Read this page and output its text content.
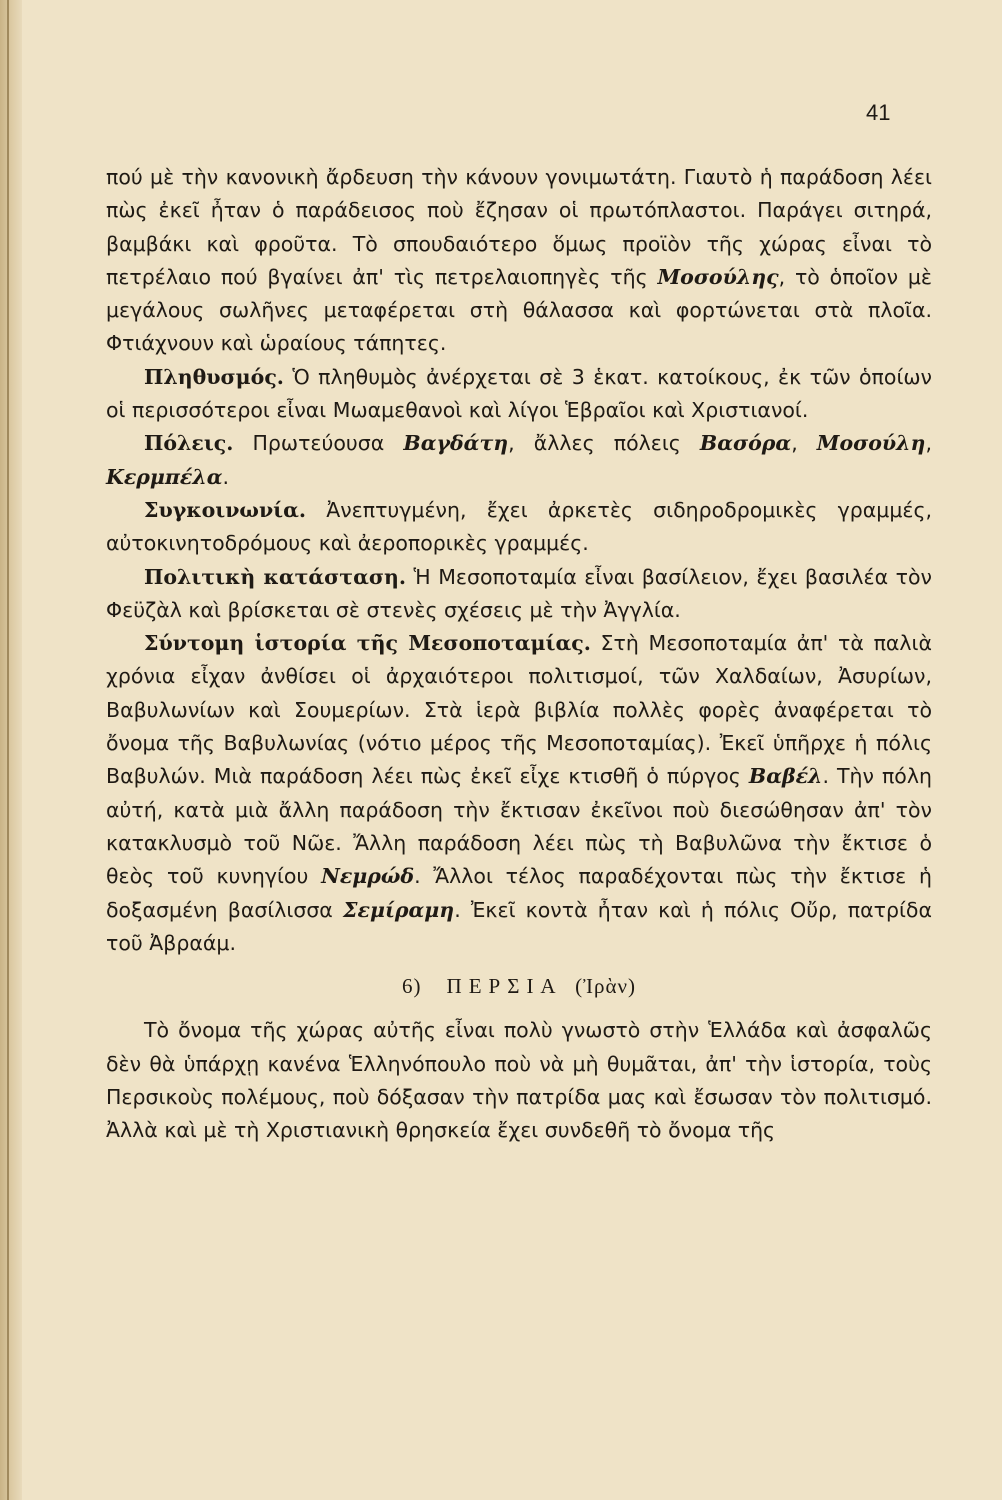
41

πού μὲ τὴν κανονικὴ ἄρδευση τὴν κάνουν γονιμωτάτη. Γιαυτὸ ἡ παράδοση λέει πὼς ἐκεῖ ἦταν ὁ παράδεισος ποὺ ἔζησαν οἱ πρωτόπλαστοι. Παράγει σιτηρά, βαμβάκι καὶ φροῦτα. Τὸ σπουδαιότερο ὅμως προϊὸν τῆς χώρας εἶναι τὸ πετρέλαιο πού βγαίνει ἀπ' τὶς πετρελαιοπηγὲς τῆς Μοσούλης, τὸ ὁποῖον μὲ μεγάλους σωλῆνες μεταφέρεται στὴ θάλασσα καὶ φορτώνεται στὰ πλοῖα. Φτιάχνουν καὶ ὡραίους τάπητες.

Πληθυσμός. Ὁ πληθυμὸς ἀνέρχεται σὲ 3 ἑκατ. κατοίκους, ἐκ τῶν ὁποίων οἱ περισσότεροι εἶναι Μωαμεθανοὶ καὶ λίγοι Ἑβραῖοι καὶ Χριστιανοί.

Πόλεις. Πρωτεύουσα Βαγδάτη, ἄλλες πόλεις Βασόρα, Μοσούλη, Κερμπέλα.

Συγκοινωνία. Ἀνεπτυγμένη, ἔχει ἀρκετὲς σιδηροδρομικὲς γραμμές, αὐτοκινητοδρόμους καὶ ἀεροπορικὲς γραμμές.

Πολιτικὴ κατάσταση. Ἡ Μεσοποταμία εἶναι βασίλειον, ἔχει βασιλέα τὸν Φεϋζὰλ καὶ βρίσκεται σὲ στενὲς σχέσεις μὲ τὴν Ἀγγλία.

Σύντομη ἱστορία τῆς Μεσοποταμίας. Στὴ Μεσοποταμία ἀπ' τὰ παλιὰ χρόνια εἶχαν ἀνθίσει οἱ ἀρχαιότεροι πολιτισμοί, τῶν Χαλδαίων, Ἀσυρίων, Βαβυλωνίων καὶ Σουμερίων. Στὰ ἱερὰ βιβλία πολλὲς φορὲς ἀναφέρεται τὸ ὄνομα τῆς Βαβυλωνίας (νότιο μέρος τῆς Μεσοποταμίας). Ἐκεῖ ὑπῆρχε ἡ πόλις Βαβυλών. Μιὰ παράδοση λέει πὼς ἐκεῖ εἶχε κτισθῆ ὁ πύργος Βαβέλ. Τὴν πόλη αὐτή, κατὰ μιὰ ἄλλη παράδοση τὴν ἔκτισαν ἐκεῖνοι ποὺ διεσώθησαν ἀπ' τὸν κατακλυσμὸ τοῦ Νῶε. Ἄλλη παράδοση λέει πὼς τὴ Βαβυλῶνα τὴν ἔκτισε ὁ θεὸς τοῦ κυνηγίου Νεμρώδ. Ἄλλοι τέλος παραδέχονται πὼς τὴν ἔκτισε ἡ δοξασμένη βασίλισσα Σεμίραμη. Ἐκεῖ κοντὰ ἦταν καὶ ἡ πόλις Οὔρ, πατρίδα τοῦ Ἀβραάμ.

6) ΠΕΡΣΙΑ (Ἰρὰν)

Τὸ ὄνομα τῆς χώρας αὐτῆς εἶναι πολὺ γνωστὸ στὴν Ἑλλάδα καὶ ἀσφαλῶς δὲν θὰ ὑπάρχῃ κανένα Ἑλληνόπουλο ποὺ νὰ μὴ θυμᾶται, ἀπ' τὴν ἱστορία, τοὺς Περσικοὺς πολέμους, ποὺ δόξασαν τὴν πατρίδα μας καὶ ἔσωσαν τὸν πολιτισμό. Ἀλλὰ καὶ μὲ τὴ Χριστιανικὴ θρησκεία ἔχει συνδεθῆ τὸ ὄνομα τῆς
